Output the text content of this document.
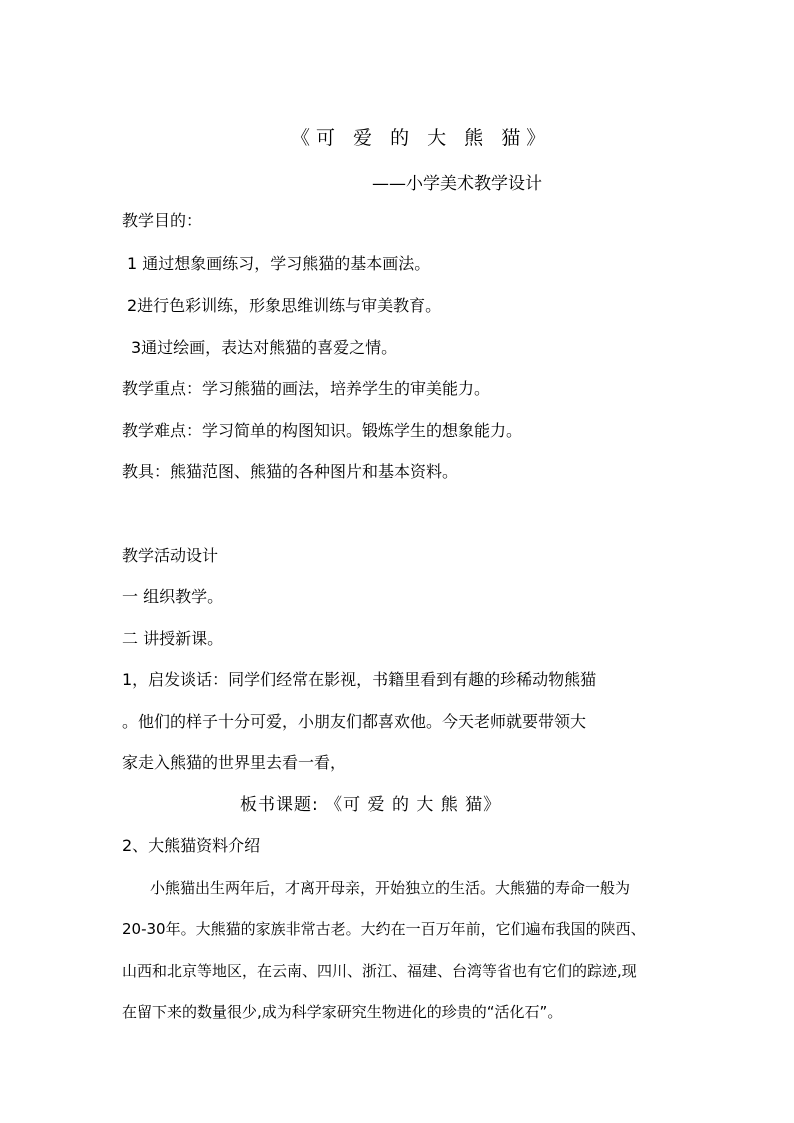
《可 爱 的 大 熊 猫》
——小学美术教学设计
教学目的：
1 通过想象画练习，学习熊猫的基本画法。
2进行色彩训练，形象思维训练与审美教育。
3通过绘画，表达对熊猫的喜爱之情。
教学重点：学习熊猫的画法，培养学生的审美能力。
教学难点：学习简单的构图知识。锻炼学生的想象能力。
教具：熊猫范图、熊猫的各种图片和基本资料。
教学活动设计
一 组织教学。
二 讲授新课。
1，启发谈话：同学们经常在影视，书籍里看到有趣的珍稀动物熊猫
。他们的样子十分可爱，小朋友们都喜欢他。今天老师就要带领大
家走入熊猫的世界里去看一看，
板书课题: 《可 爱 的 大 熊 猫》
2、大熊猫资料介绍
小熊猫出生两年后，才离开母亲，开始独立的生活。大熊猫的寿命一般为
20-30年。大熊猫的家族非常古老。大约在一百万年前，它们遍布我国的陕西、
山西和北京等地区，在云南、四川、浙江、福建、台湾等省也有它们的踪迹,现
在留下来的数量很少,成为科学家研究生物进化的珍贵的“活化石”。
